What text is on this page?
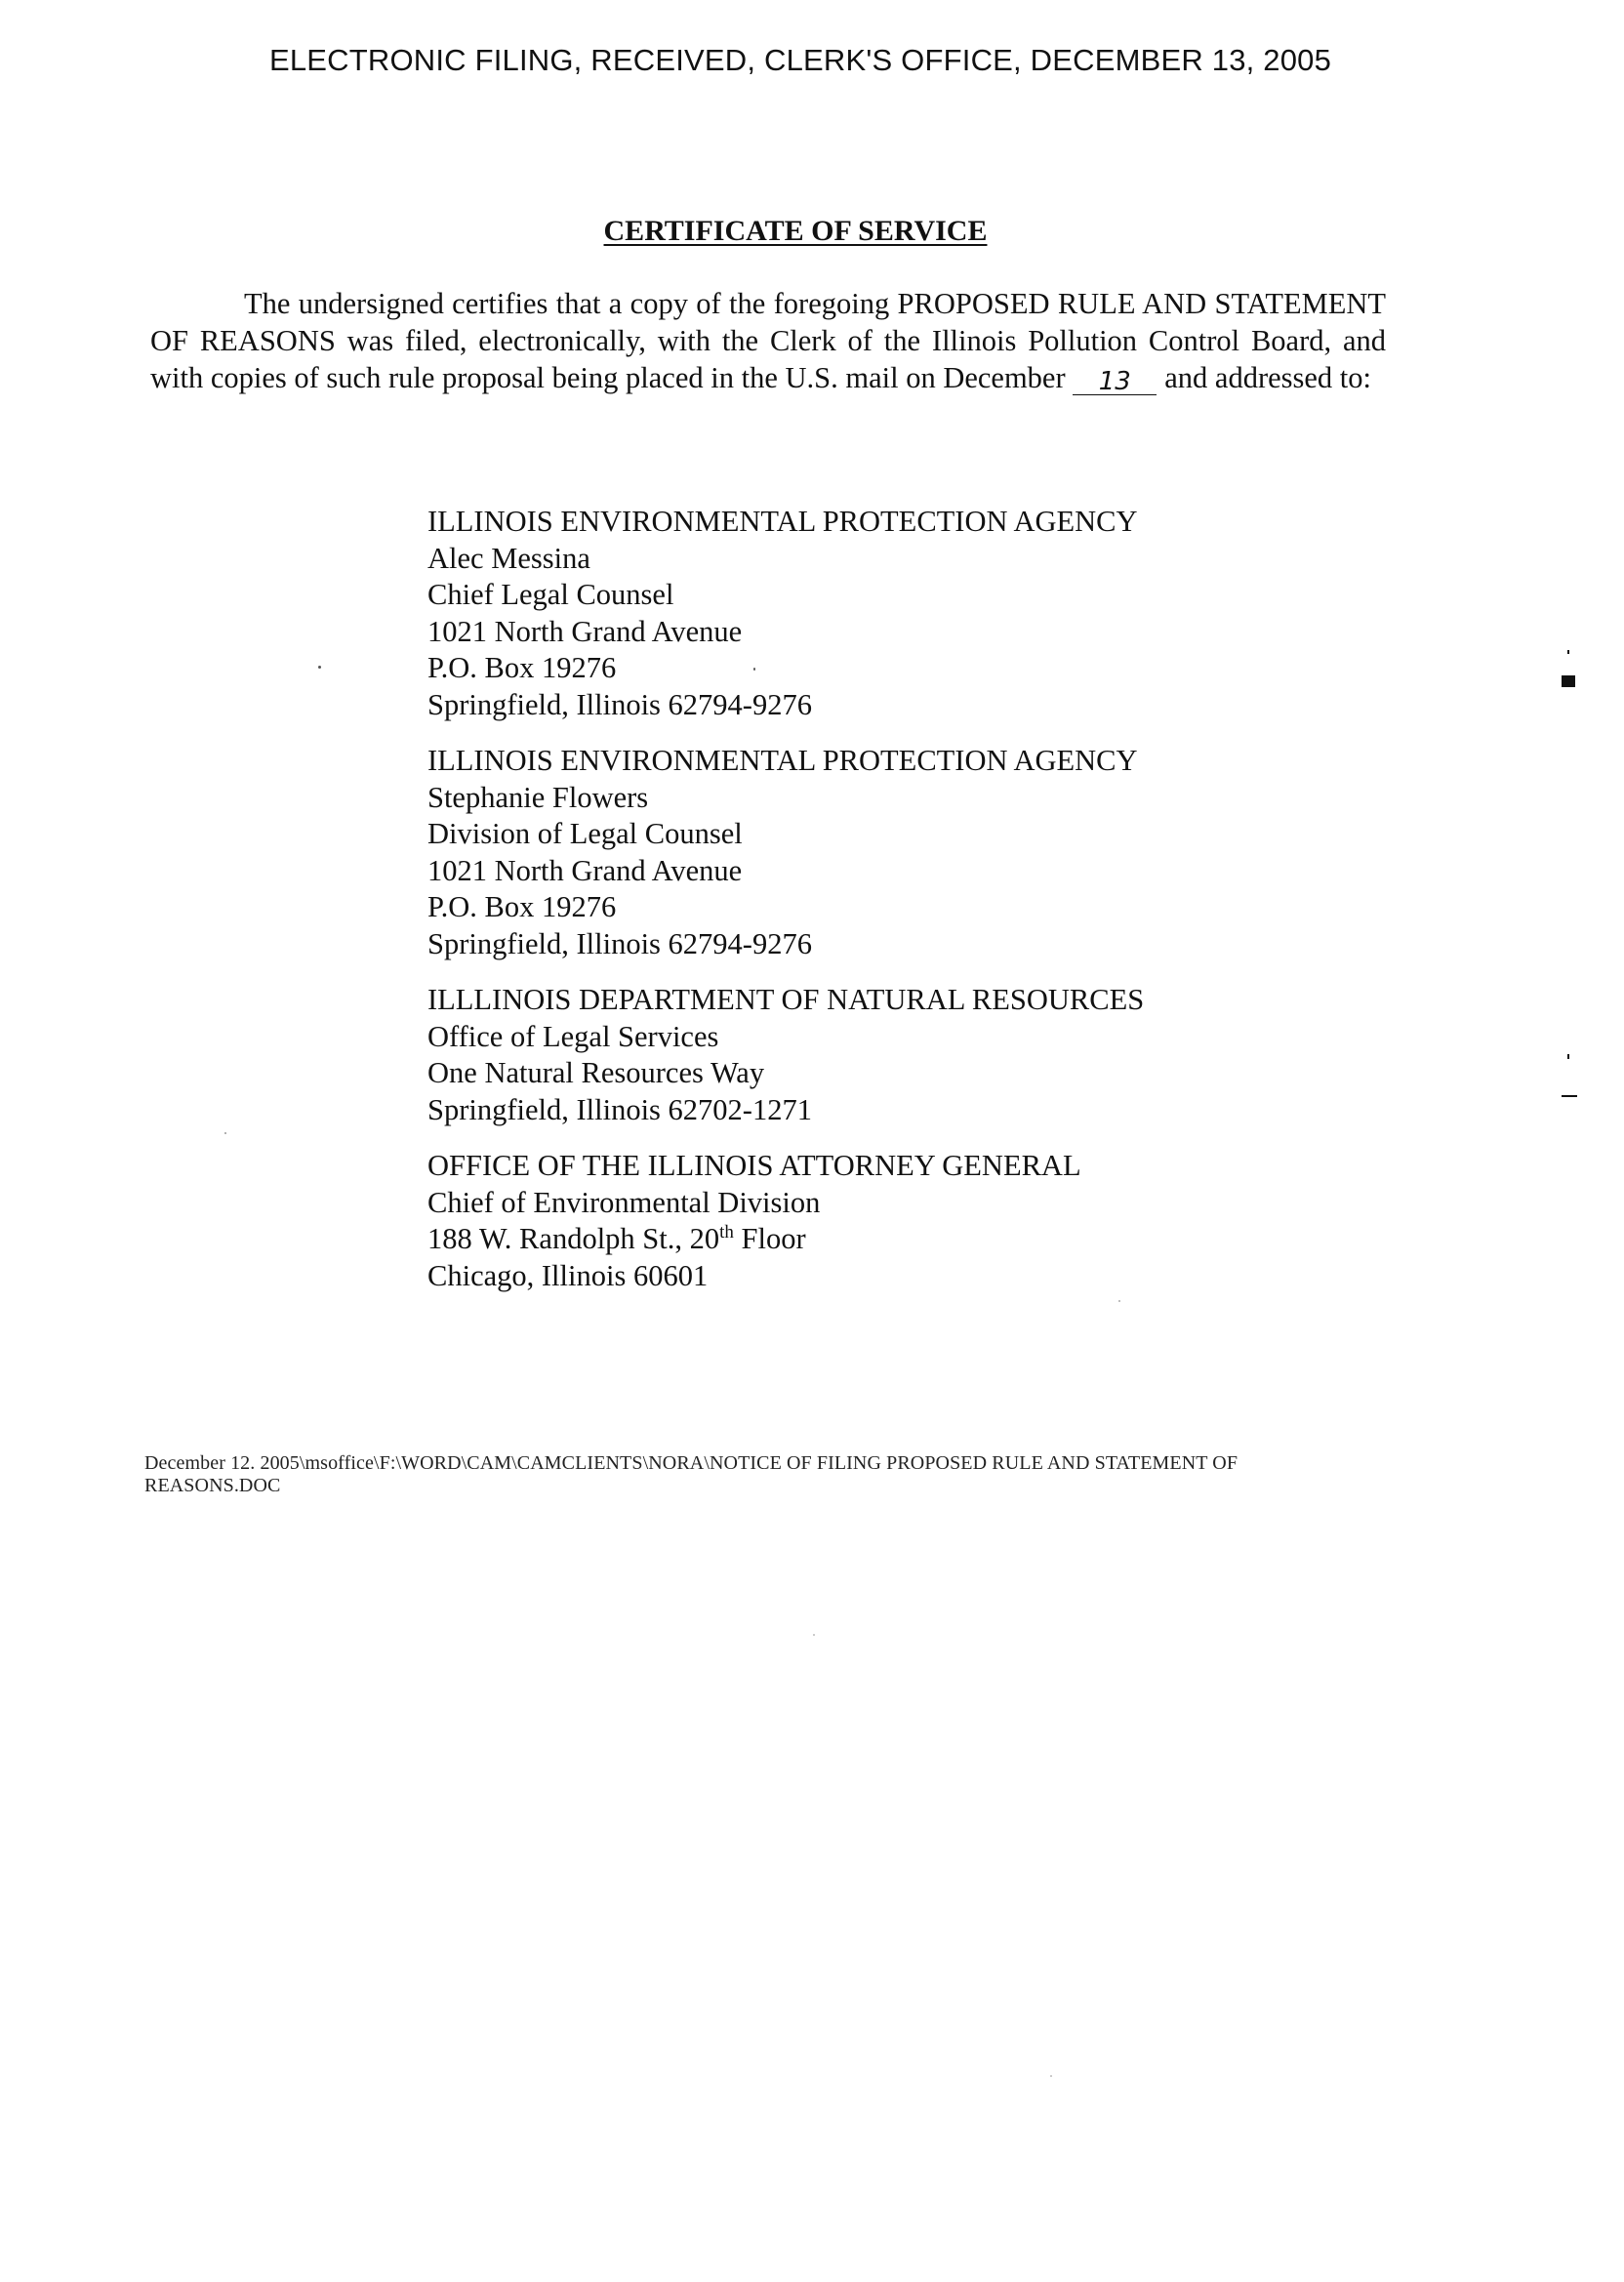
ELECTRONIC FILING, RECEIVED, CLERK'S OFFICE, DECEMBER 13, 2005
CERTIFICATE OF SERVICE

The undersigned certifies that a copy of the foregoing PROPOSED RULE AND STATEMENT OF REASONS was filed, electronically, with the Clerk of the Illinois Pollution Control Board, and with copies of such rule proposal being placed in the U.S. mail on December 13 and addressed to:

ILLINOIS ENVIRONMENTAL PROTECTION AGENCY
Alec Messina
Chief Legal Counsel
1021 North Grand Avenue
P.O. Box 19276
Springfield, Illinois 62794-9276
ILLINOIS ENVIRONMENTAL PROTECTION AGENCY
Stephanie Flowers
Division of Legal Counsel
1021 North Grand Avenue
P.O. Box 19276
Springfield, Illinois 62794-9276
ILLLINOIS DEPARTMENT OF NATURAL RESOURCES
Office of Legal Services
One Natural Resources Way
Springfield, Illinois 62702-1271
OFFICE OF THE ILLINOIS ATTORNEY GENERAL
Chief of Environmental Division
188 W. Randolph St., 20th Floor
Chicago, Illinois 60601
December 12. 2005\msoffice\F:\WORD\CAM\CAMCLIENTS\NORA\NOTICE OF FILING PROPOSED RULE AND STATEMENT OF
REASONS.DOC
